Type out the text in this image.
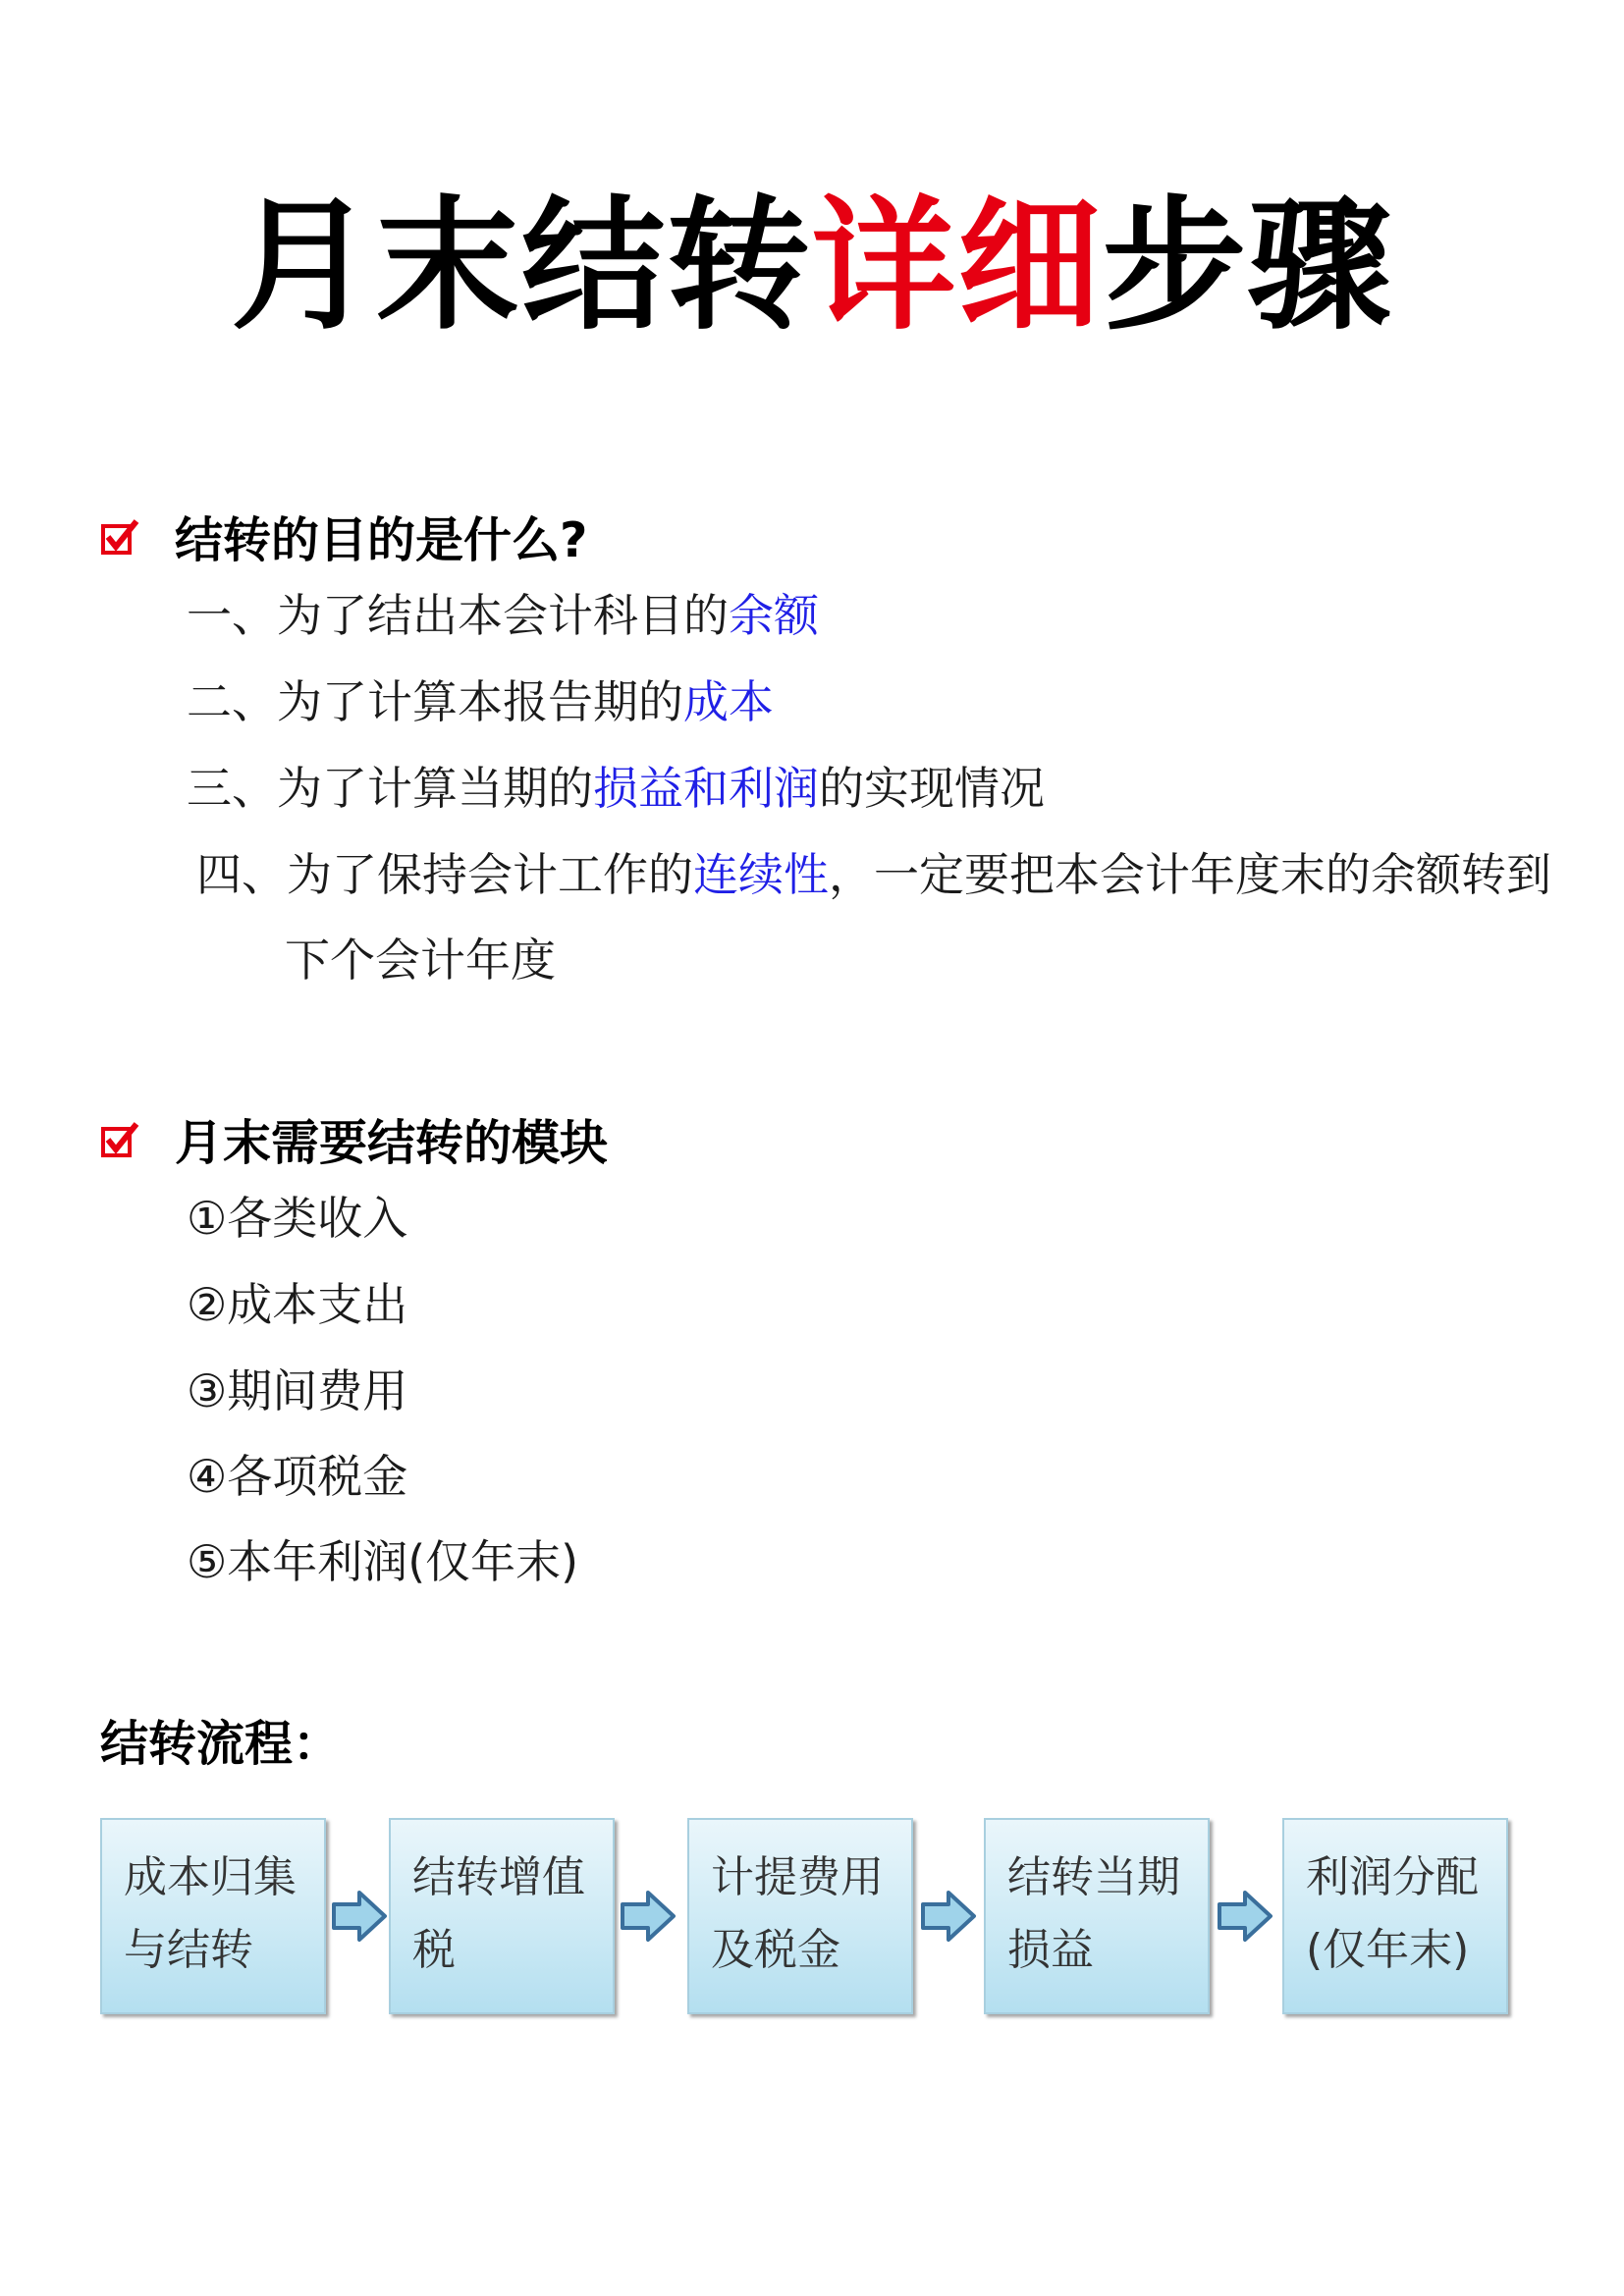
月末结转详细步骤
结转的目的是什么?
一、为了结出本会计科目的余额
二、为了计算本报告期的成本
三、为了计算当期的损益和利润的实现情况
四、为了保持会计工作的连续性，一定要把本会计年度末的余额转到
下个会计年度
月末需要结转的模块
①各类收入
②成本支出
③期间费用
④各项税金
⑤本年利润(仅年末)
结转流程：
成本归集
与结转
结转增值
税
计提费用
及税金
结转当期
损益
利润分配
(仅年末)
